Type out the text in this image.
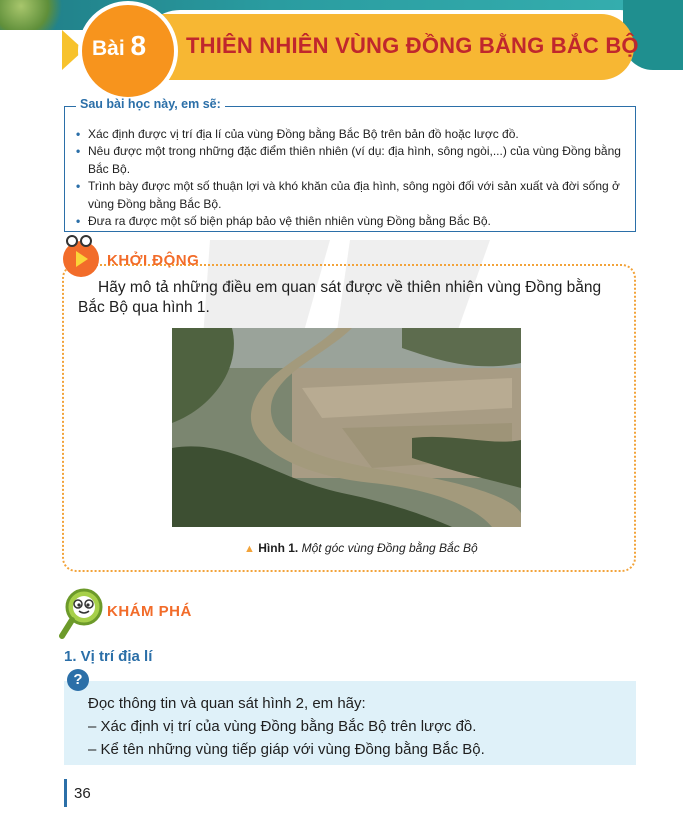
THIÊN NHIÊN VÙNG ĐỒNG BẰNG BẮC BỘ
Bài 8
Sau bài học này, em sẽ:
• Xác định được vị trí địa lí của vùng Đồng bằng Bắc Bộ trên bản đồ hoặc lược đồ.
• Nêu được một trong những đặc điểm thiên nhiên (ví dụ: địa hình, sông ngòi,...) của vùng Đồng bằng Bắc Bộ.
• Trình bày được một số thuận lợi và khó khăn của địa hình, sông ngòi đối với sản xuất và đời sống ở vùng Đồng bằng Bắc Bộ.
• Đưa ra được một số biện pháp bảo vệ thiên nhiên vùng Đồng bằng Bắc Bộ.
KHỞI ĐỘNG
Hãy mô tả những điều em quan sát được về thiên nhiên vùng Đồng bằng Bắc Bộ qua hình 1.
▲ Hình 1. Một góc vùng Đồng bằng Bắc Bộ
KHÁM PHÁ
1. Vị trí địa lí
?
Đọc thông tin và quan sát hình 2, em hãy:
– Xác định vị trí của vùng Đồng bằng Bắc Bộ trên lược đồ.
– Kể tên những vùng tiếp giáp với vùng Đồng bằng Bắc Bộ.
36
